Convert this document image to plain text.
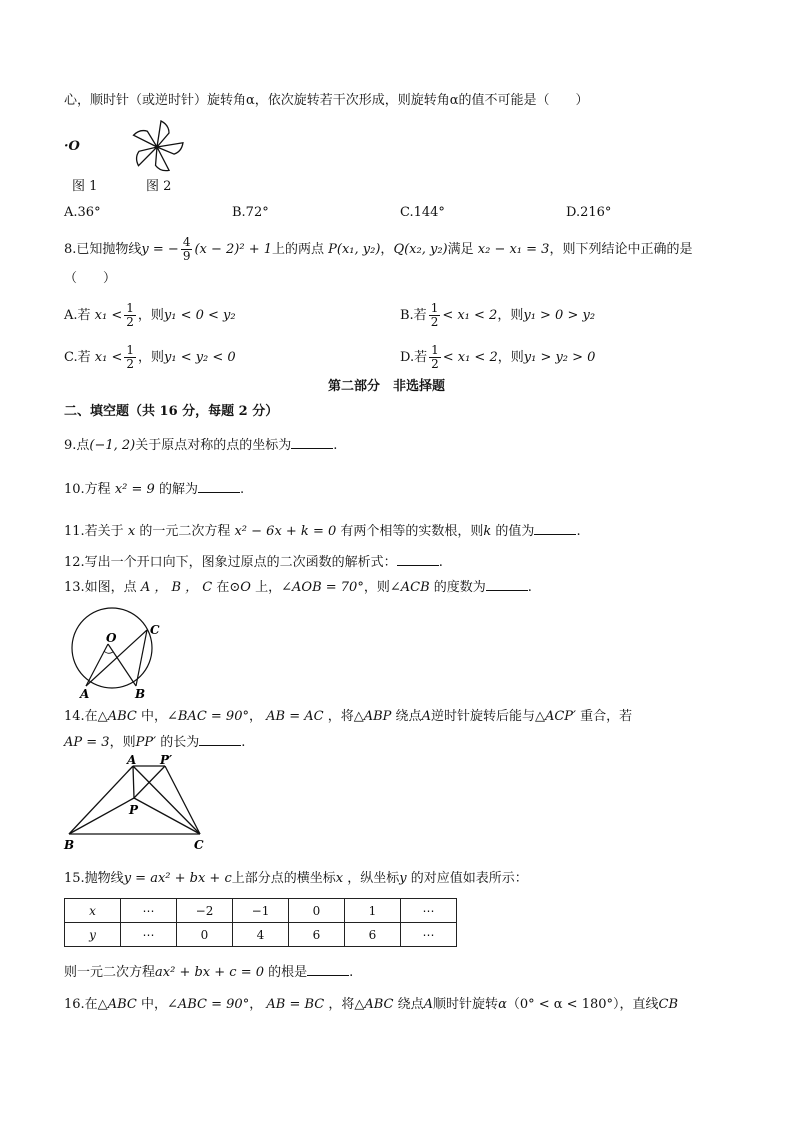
心，顺时针（或逆时针）旋转角α，依次旋转若干次形成，则旋转角α的值不可能是（　　）
·O
图 1	图 2
A.36°	B.72°	C.144°	D.216°
8.已知抛物线y = − $\frac{4}{9} (x - 2)^2 + 1$上的两点 P(x₁, y₂)，Q(x₂, y₂)满足 x₂ − x₁ = 3，则下列结论中正确的是
（　　）
A.若 $x_1 < \frac{1}{2}$ ，则y₁ < 0 < y₂	B.若 $\frac{1}{2} < x_1 < 2$，则y₁ > 0 > y₂
C.若 $x_1 < \frac{1}{2}$ ，则y₁ < y₂ < 0	D.若 $\frac{1}{2} < x_1 < 2$，则y₁ > y₂ > 0
第二部分　非选择题
二、填空题（共 16 分，每题 2 分）
9.点(−1, 2)关于原点对称的点的坐标为	.
10.方程 x² = 9 的解为	.
11.若关于 x 的一元二次方程 x² − 6x + k = 0 有两个相等的实数根，则k 的值为	.
12.写出一个开口向下，图象过原点的二次函数的解析式：	.
13.如图，点 A ， B ， C 在⊙O 上，∠AOB = 70°，则∠ACB 的度数为	.
O
C
A	B
14.在△ABC 中，∠BAC = 90°， AB = AC ，将△ABP 绕点A逆时针旋转后能与△ACP′ 重合，若
AP = 3，则PP′ 的长为	.
A P′
P
B	C
15.抛物线y = ax² + bx + c上部分点的横坐标x ，纵坐标y 的对应值如表所示：
x	⋯	−2	−1	0	1	⋯
y	⋯	0	4	6	6	⋯
则一元二次方程ax² + bx + c = 0 的根是	.
16.在△ABC 中，∠ABC = 90°， AB = BC ，将△ABC 绕点A顺时针旋转α（0° < α < 180°），直线CB
